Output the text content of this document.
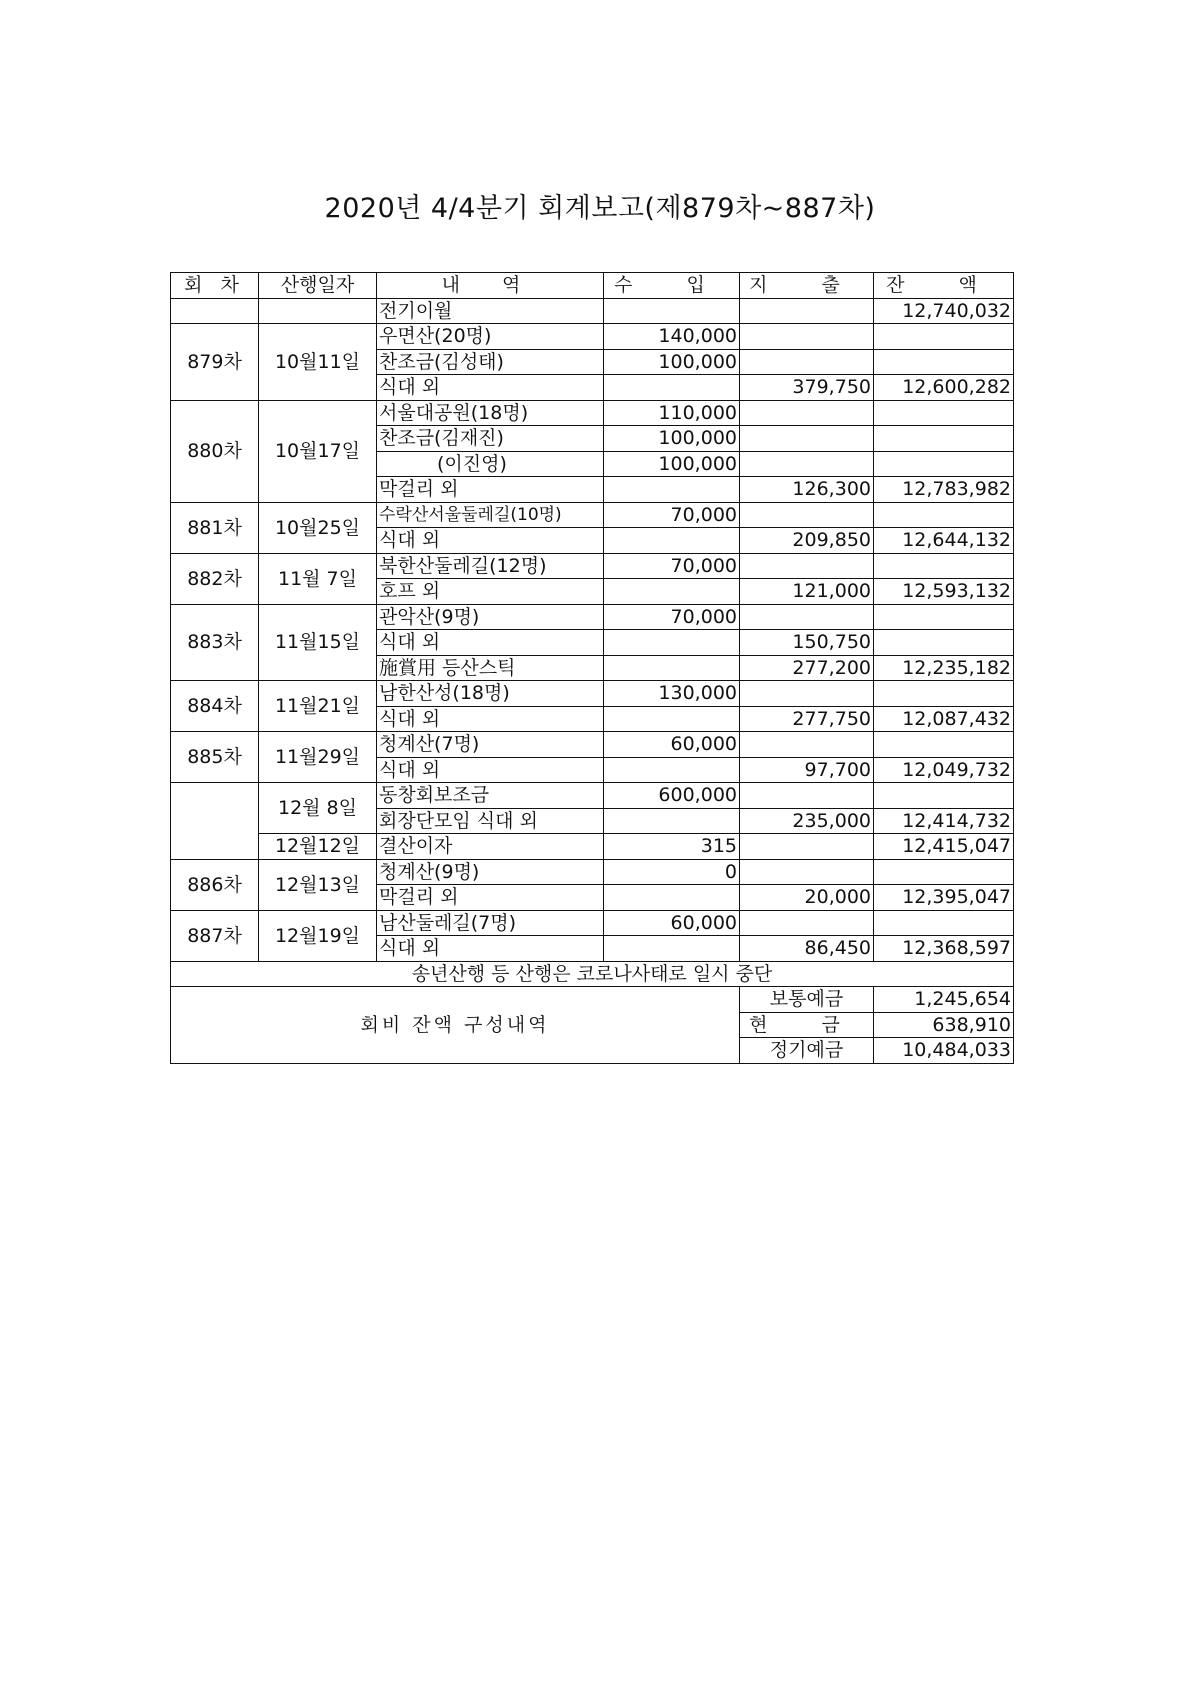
2020년 4/4분기 회계보고(제879차~887차)
회 차	산행일자	내 역	수 입	지 출	잔 액
		전기이월			12,740,032
879차	10월11일	우면산(20명)	140,000		
		찬조금(김성태)	100,000		
		식대 외		379,750	12,600,282
880차	10월17일	서울대공원(18명)	110,000		
		찬조금(김재진)	100,000		
		(이진영)	100,000		
		막걸리 외		126,300	12,783,982
881차	10월25일	수락산서울둘레길(10명)	70,000		
		식대 외		209,850	12,644,132
882차	11월 7일	북한산둘레길(12명)	70,000		
		호프 외		121,000	12,593,132
883차	11월15일	관악산(9명)	70,000		
		식대 외		150,750	
		施賞用 등산스틱		277,200	12,235,182
884차	11월21일	남한산성(18명)	130,000		
		식대 외		277,750	12,087,432
885차	11월29일	청계산(7명)	60,000		
		식대 외		97,700	12,049,732
	12월 8일	동창회보조금	600,000		
		회장단모임 식대 외		235,000	12,414,732
	12월12일	결산이자	315		12,415,047
886차	12월13일	청계산(9명)	0		
		막걸리 외		20,000	12,395,047
887차	12월19일	남산둘레길(7명)	60,000		
		식대 외		86,450	12,368,597
송년산행 등 산행은 코로나사태로 일시 중단					
회비 잔액 구성내역				보통예금	1,245,654
				현 금	638,910
				정기예금	10,484,033
